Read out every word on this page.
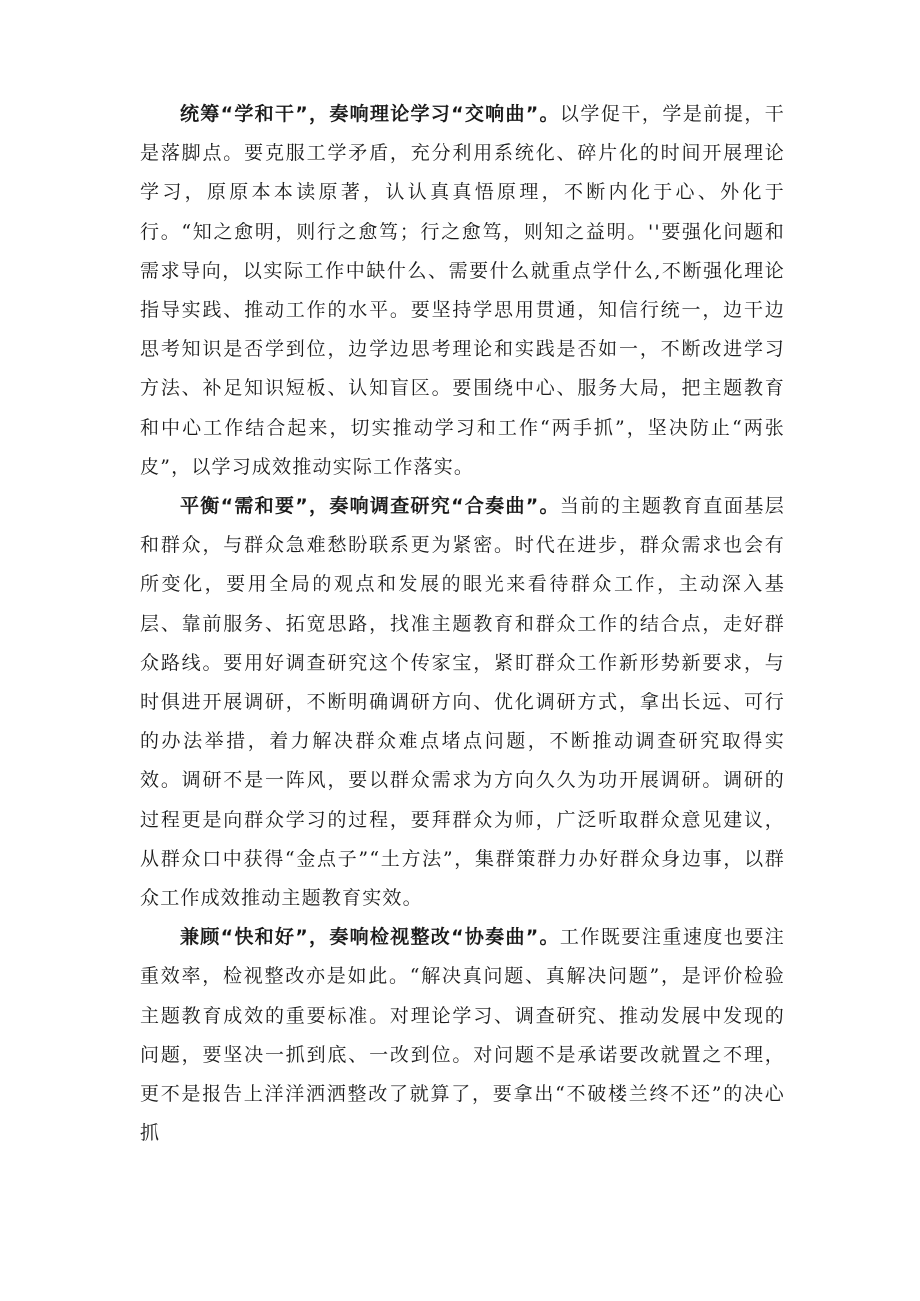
统筹“学和干”，奏响理论学习“交响曲”。以学促干，学是前提，干是落脚点。要克服工学矛盾，充分利用系统化、碎片化的时间开展理论学习，原原本本读原著，认认真真悟原理，不断内化于心、外化于行。“知之愈明，则行之愈笃；行之愈笃，则知之益明。''要强化问题和需求导向，以实际工作中缺什么、需要什么就重点学什么,不断强化理论指导实践、推动工作的水平。要坚持学思用贯通，知信行统一，边干边思考知识是否学到位，边学边思考理论和实践是否如一，不断改进学习方法、补足知识短板、认知盲区。要围绕中心、服务大局，把主题教育和中心工作结合起来，切实推动学习和工作“两手抓”，坚决防止“两张皮”，以学习成效推动实际工作落实。

平衡“需和要”，奏响调查研究“合奏曲”。当前的主题教育直面基层和群众，与群众急难愁盼联系更为紧密。时代在进步，群众需求也会有所变化，要用全局的观点和发展的眼光来看待群众工作，主动深入基层、靠前服务、拓宽思路，找准主题教育和群众工作的结合点，走好群众路线。要用好调查研究这个传家宝，紧盯群众工作新形势新要求，与时俱进开展调研，不断明确调研方向、优化调研方式，拿出长远、可行的办法举措，着力解决群众难点堵点问题，不断推动调查研究取得实效。调研不是一阵风，要以群众需求为方向久久为功开展调研。调研的过程更是向群众学习的过程，要拜群众为师，广泛听取群众意见建议，从群众口中获得“金点子”“土方法”，集群策群力办好群众身边事，以群众工作成效推动主题教育实效。

兼顾“快和好”，奏响检视整改“协奏曲”。工作既要注重速度也要注重效率，检视整改亦是如此。“解决真问题、真解决问题”，是评价检验主题教育成效的重要标准。对理论学习、调查研究、推动发展中发现的问题，要坚决一抓到底、一改到位。对问题不是承诺要改就置之不理，更不是报告上洋洋洒洒整改了就算了，要拿出“不破楼兰终不还”的决心抓
